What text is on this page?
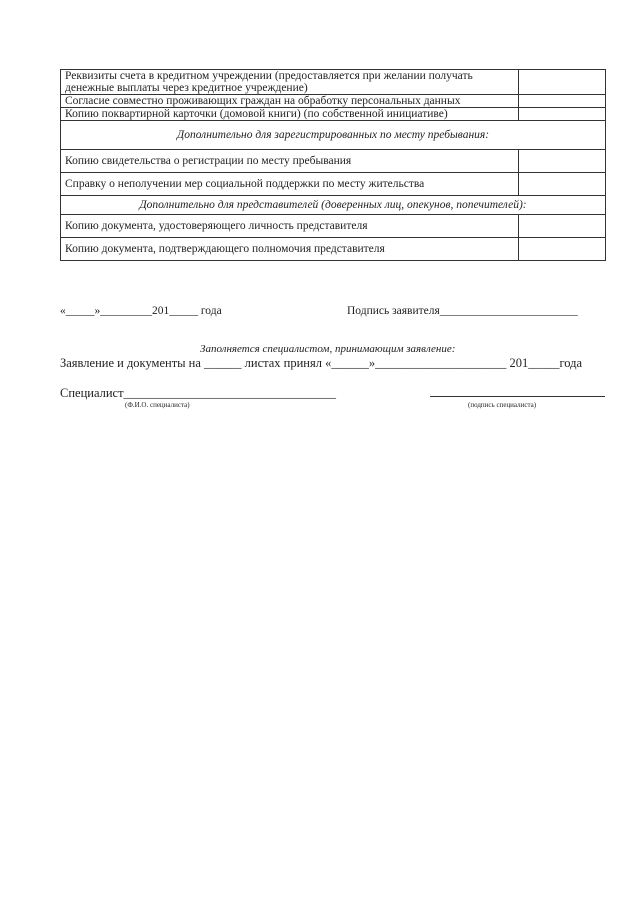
Реквизиты счета в кредитном учреждении (предоставляется при желании получать денежные выплаты через кредитное учреждение)	
Согласие совместно проживающих граждан на обработку персональных данных	
Копию поквартирной карточки (домовой книги) (по собственной инициативе)	
Дополнительно для зарегистрированных по месту пребывания:	
Копию свидетельства о регистрации по месту пребывания	
Справку о неполучении мер социальной поддержки по месту жительства	
Дополнительно для представителей (доверенных лиц, опекунов, попечителей):	
Копию документа, удостоверяющего личность представителя	
Копию документа, подтверждающего полномочия представителя	
«_____»_________201_____ года	Подпись заявителя________________________
Заполняется специалистом, принимающим заявление:
Заявление и документы на ______ листах принял «______»_____________________ 201_____года
Специалист__________________________________
(Ф.И.О. специалиста)	(подпись специалиста)
